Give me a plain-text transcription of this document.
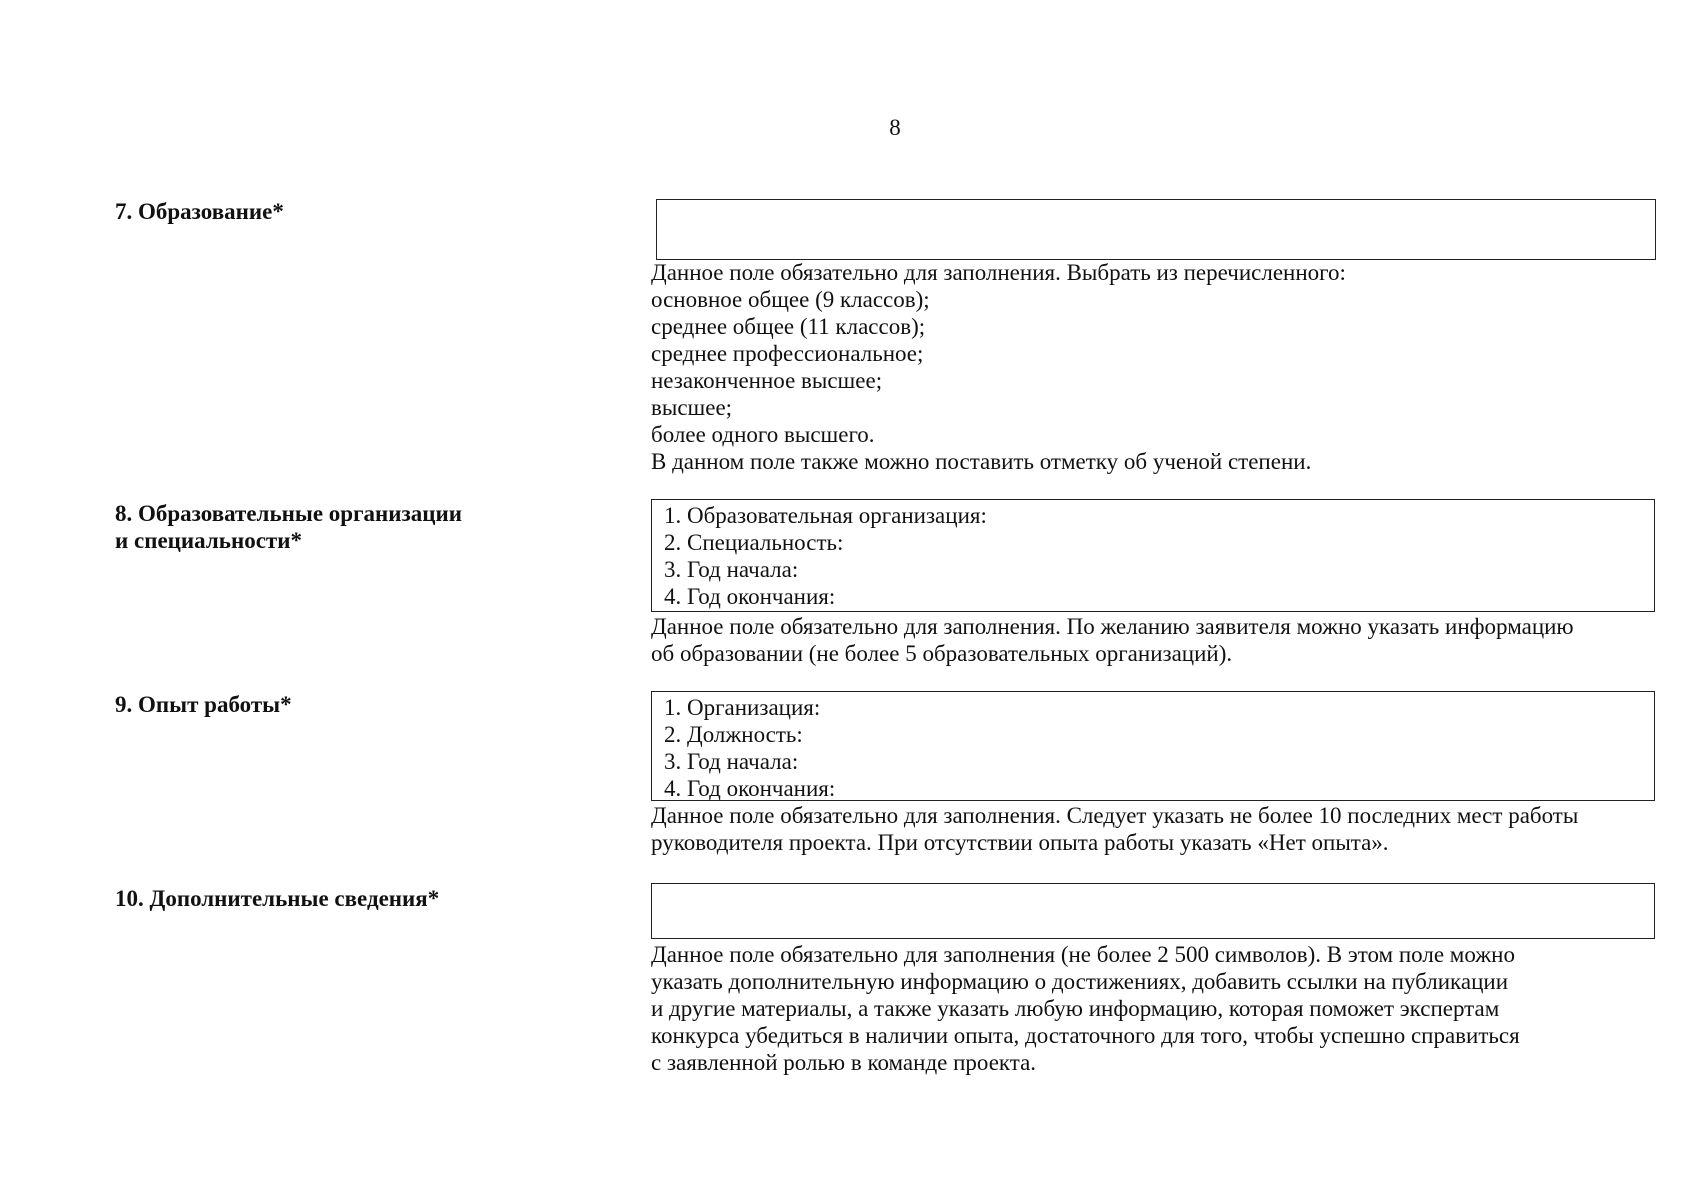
8
7. Образование*
Данное поле обязательно для заполнения. Выбрать из перечисленного:
основное общее (9 классов);
среднее общее (11 классов);
среднее профессиональное;
незаконченное высшее;
высшее;
более одного высшего.
В данном поле также можно поставить отметку об ученой степени.
8. Образовательные организации
и специальности*
1. Образовательная организация:
2. Специальность:
3. Год начала:
4. Год окончания:
Данное поле обязательно для заполнения. По желанию заявителя можно указать информацию
об образовании (не более 5 образовательных организаций).
9. Опыт работы*	1. Организация:
2. Должность:
3. Год начала:
4. Год окончания:
Данное поле обязательно для заполнения. Следует указать не более 10 последних мест работы
руководителя проекта. При отсутствии опыта работы указать «Нет опыта».
10. Дополнительные сведения*
Данное поле обязательно для заполнения (не более 2 500 символов). В этом поле можно
указать дополнительную информацию о достижениях, добавить ссылки на публикации
и другие материалы, а также указать любую информацию, которая поможет экспертам
конкурса убедиться в наличии опыта, достаточного для того, чтобы успешно справиться
с заявленной ролью в команде проекта.
